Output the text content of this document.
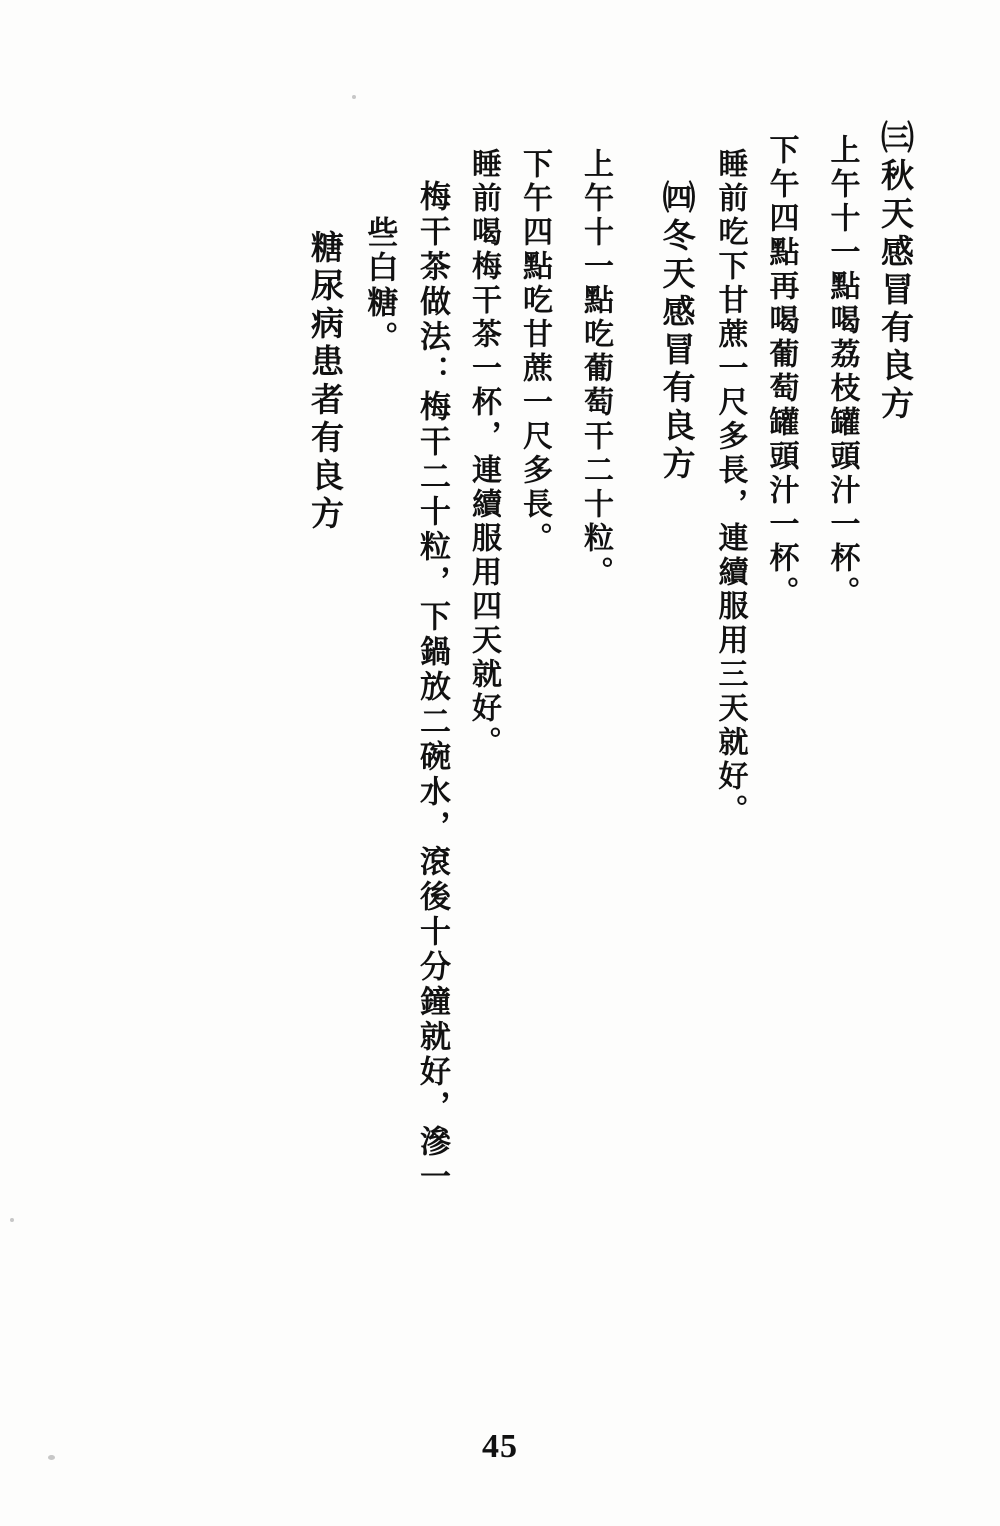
㈢秋天感冒有良方
上午十一點喝荔枝罐頭汁一杯。
下午四點再喝葡萄罐頭汁一杯。
睡前吃下甘蔗一尺多長，連續服用三天就好。
㈣冬天感冒有良方
上午十一點吃葡萄干二十粒。
下午四點吃甘蔗一尺多長。
睡前喝梅干茶一杯，連續服用四天就好。
梅干茶做法：梅干二十粒，下鍋放二碗水，滾後十分鐘就好，滲一
些白糖。
糖尿病患者有良方
45
